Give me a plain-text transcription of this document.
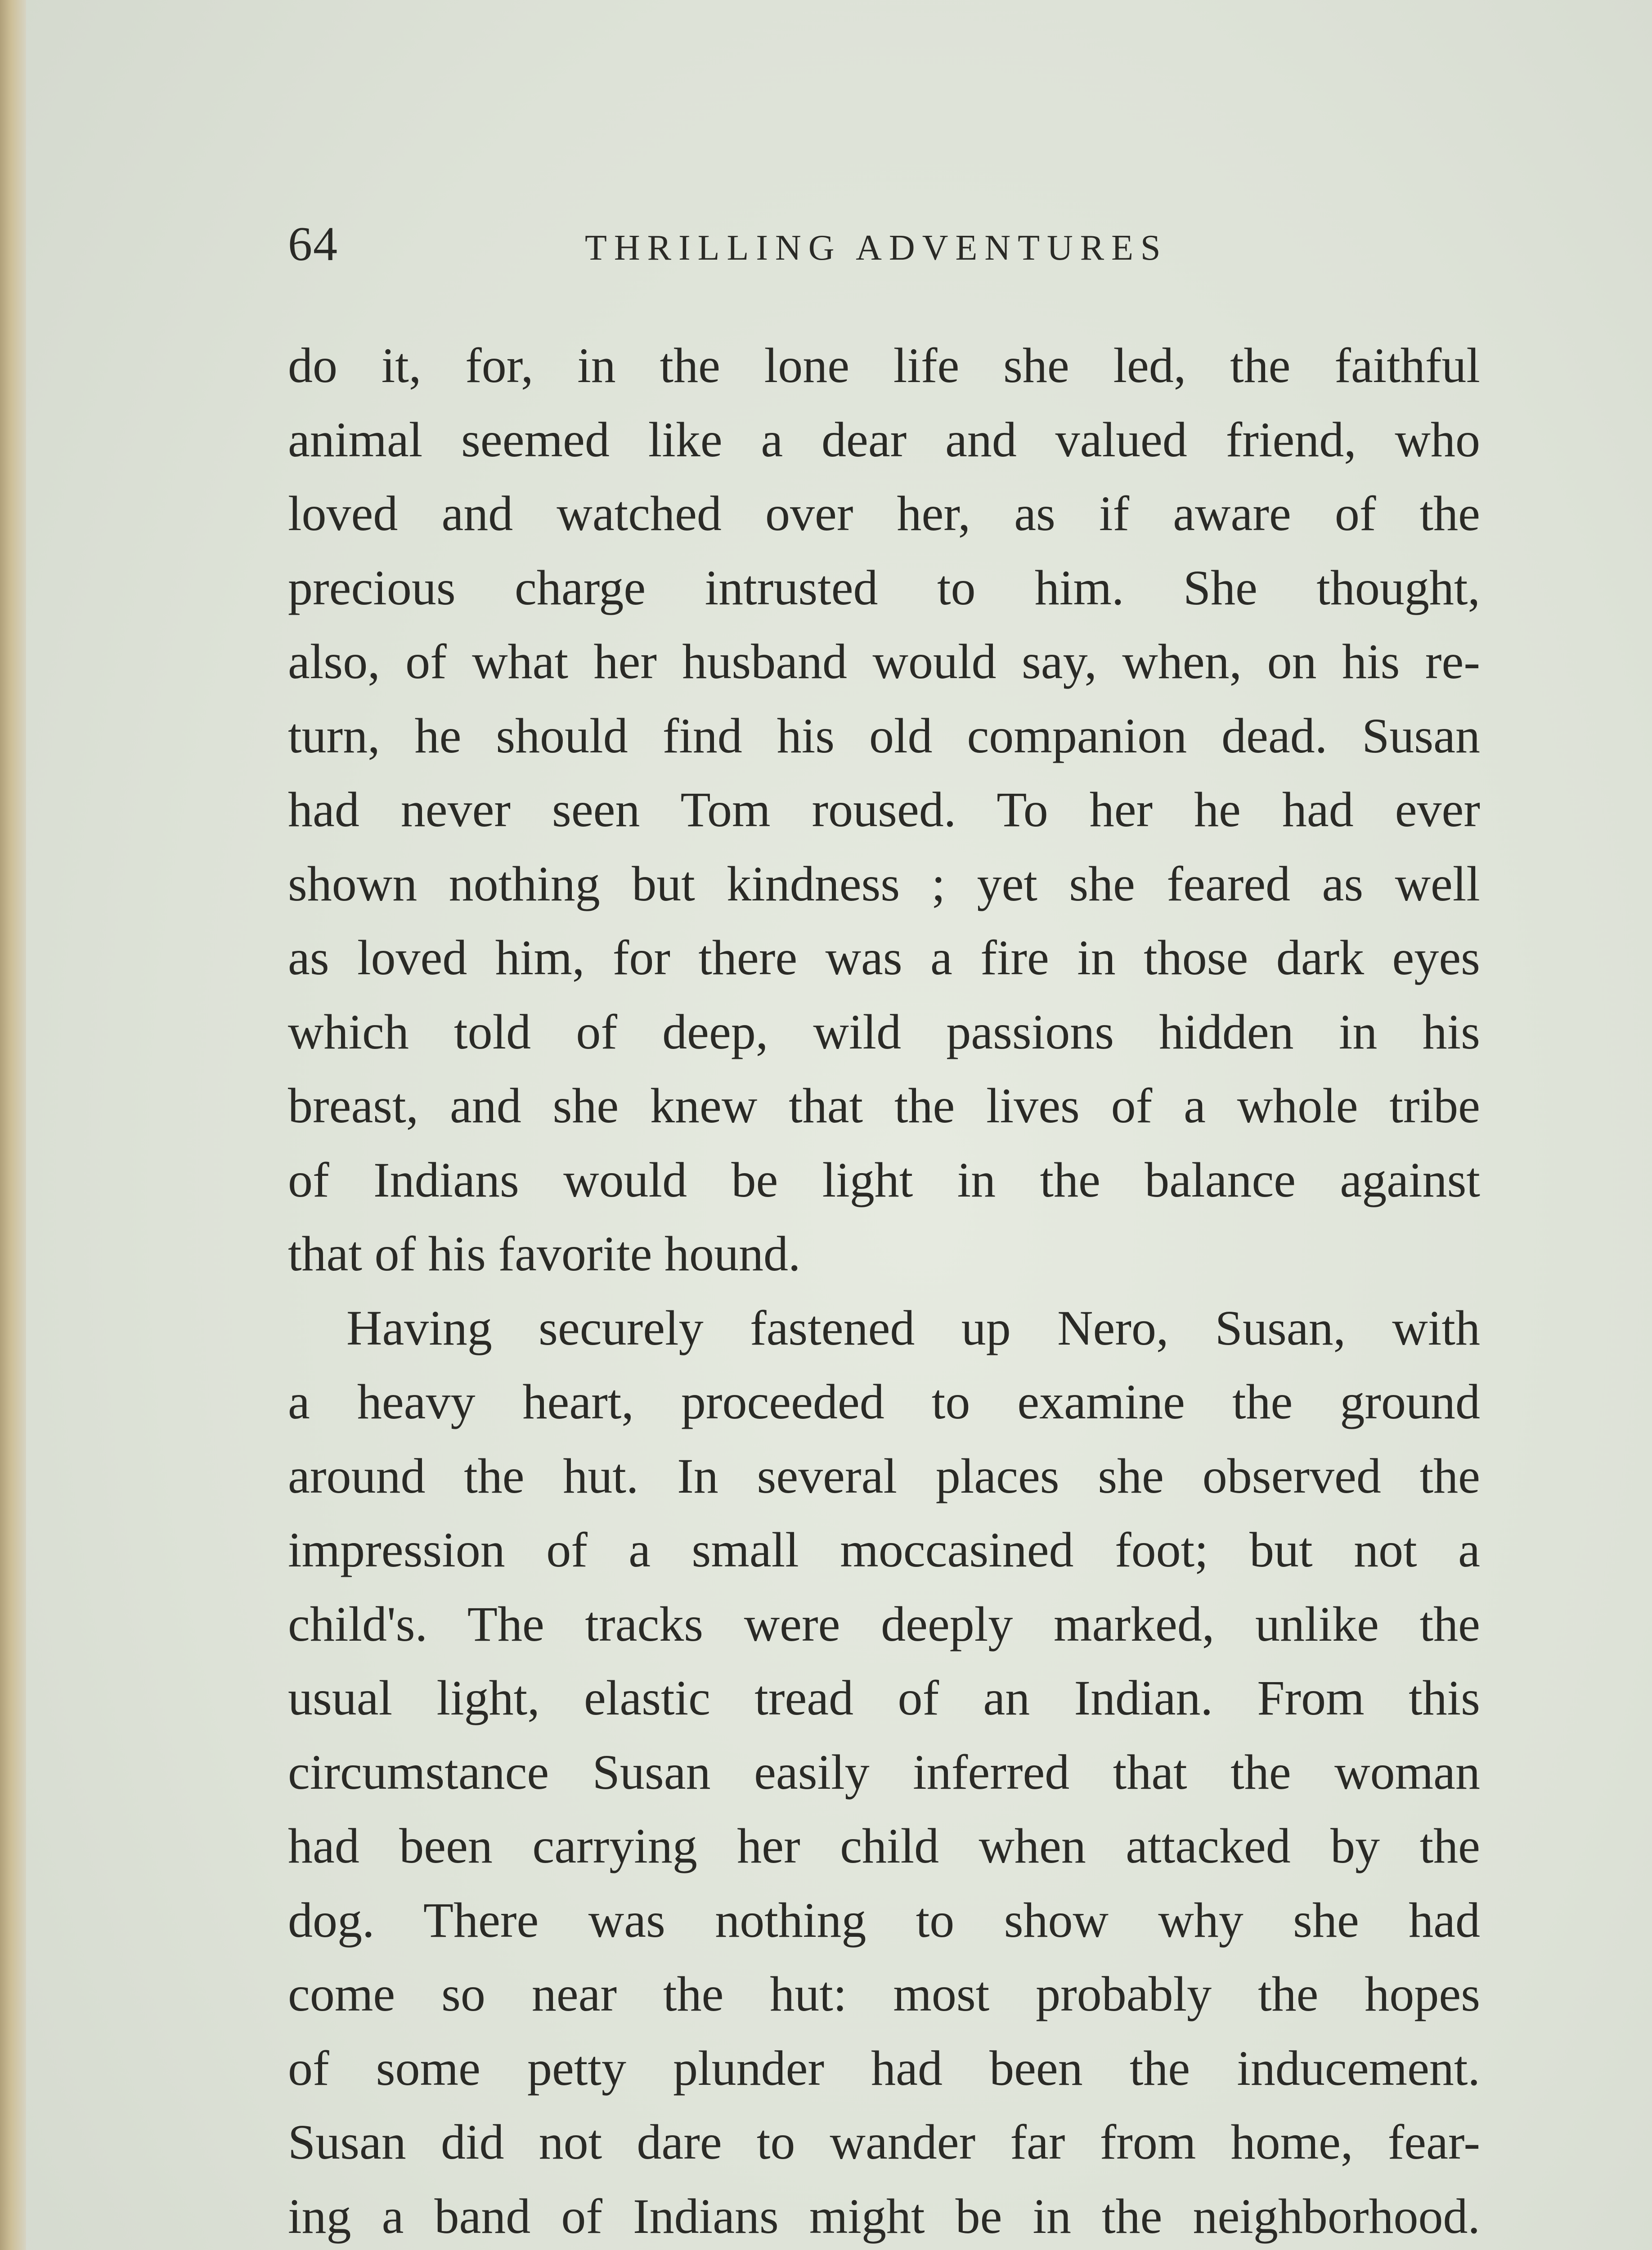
64	THRILLING ADVENTURES
do it, for, in the lone life she led, the faithful
animal seemed like a dear and valued friend, who
loved and watched over her, as if aware of the
precious charge intrusted to him. She thought,
also, of what her husband would say, when, on his re-
turn, he should find his old companion dead. Susan
had never seen Tom roused. To her he had ever
shown nothing but kindness ; yet she feared as well
as loved him, for there was a fire in those dark eyes
which told of deep, wild passions hidden in his
breast, and she knew that the lives of a whole tribe
of Indians would be light in the balance against
that of his favorite hound.
Having securely fastened up Nero, Susan, with
a heavy heart, proceeded to examine the ground
around the hut. In several places she observed the
impression of a small moccasined foot; but not a
child's. The tracks were deeply marked, unlike the
usual light, elastic tread of an Indian. From this
circumstance Susan easily inferred that the woman
had been carrying her child when attacked by the
dog. There was nothing to show why she had
come so near the hut: most probably the hopes
of some petty plunder had been the inducement.
Susan did not dare to wander far from home, fear-
ing a band of Indians might be in the neighborhood.
